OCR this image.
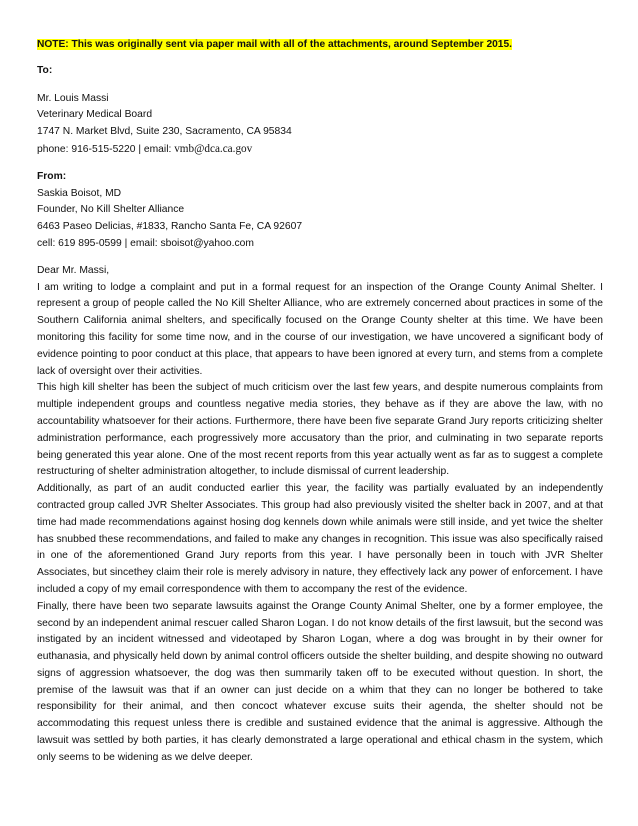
NOTE: This was originally sent via paper mail with all of the attachments, around September 2015.

To:

Mr. Louis Massi

Veterinary Medical Board

1747 N. Market Blvd, Suite 230, Sacramento, CA 95834

phone: 916-515-5220 | email: vmb@dca.ca.gov

From:

Saskia Boisot, MD

Founder, No Kill Shelter Alliance

6463 Paseo Delicias, #1833, Rancho Santa Fe, CA 92607

cell: 619 895-0599 | email: sboisot@yahoo.com

Dear Mr. Massi,

I am writing to lodge a complaint and put in a formal request for an inspection of the Orange County Animal Shelter. I represent a group of people called the No Kill Shelter Alliance, who are extremely concerned about practices in some of the Southern California animal shelters, and specifically focused on the Orange County shelter at this time. We have been monitoring this facility for some time now, and in the course of our investigation, we have uncovered a significant body of evidence pointing to poor conduct at this place, that appears to have been ignored at every turn, and stems from a complete lack of oversight over their activities.

This high kill shelter has been the subject of much criticism over the last few years, and despite numerous complaints from multiple independent groups and countless negative media stories, they behave as if they are above the law, with no accountability whatsoever for their actions. Furthermore, there have been five separate Grand Jury reports criticizing shelter administration performance, each progressively more accusatory than the prior, and culminating in two separate reports being generated this year alone. One of the most recent reports from this year actually went as far as to suggest a complete restructuring of shelter administration altogether, to include dismissal of current leadership.

Additionally, as part of an audit conducted earlier this year, the facility was partially evaluated by an independently contracted group called JVR Shelter Associates. This group had also previously visited the shelter back in 2007, and at that time had made recommendations against hosing dog kennels down while animals were still inside, and yet twice the shelter has snubbed these recommendations, and failed to make any changes in recognition. This issue was also specifically raised in one of the aforementioned Grand Jury reports from this year. I have personally been in touch with JVR Shelter Associates, but sincethey claim their role is merely advisory in nature, they effectively lack any power of enforcement. I have included a copy of my email correspondence with them to accompany the rest of the evidence.

Finally, there have been two separate lawsuits against the Orange County Animal Shelter, one by a former employee, the second by an independent animal rescuer called Sharon Logan. I do not know details of the first lawsuit, but the second was instigated by an incident witnessed and videotaped by Sharon Logan, where a dog was brought in by their owner for euthanasia, and physically held down by animal control officers outside the shelter building, and despite showing no outward signs of aggression whatsoever, the dog was then summarily taken off to be executed without question. In short, the premise of the lawsuit was that if an owner can just decide on a whim that they can no longer be bothered to take responsibility for their animal, and then concoct whatever excuse suits their agenda, the shelter should not be accommodating this request unless there is credible and sustained evidence that the animal is aggressive. Although the lawsuit was settled by both parties, it has clearly demonstrated a large operational and ethical chasm in the system, which only seems to be widening as we delve deeper.
